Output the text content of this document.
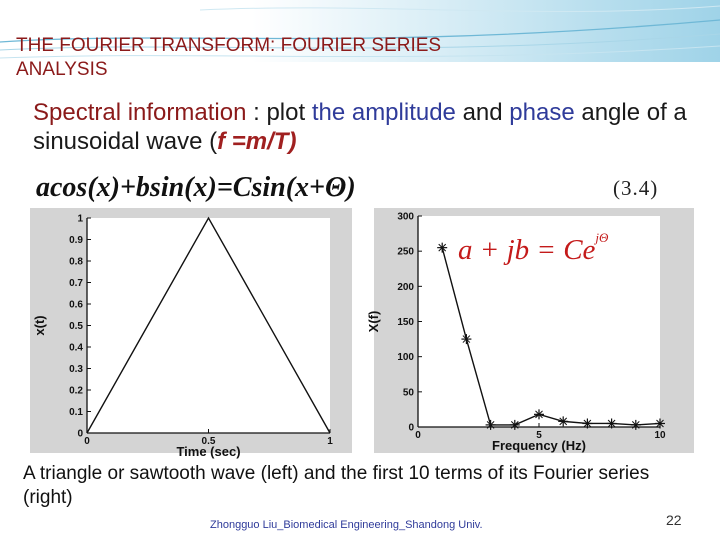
THE FOURIER TRANSFORM: FOURIER SERIES
ANALYSIS
Spectral information : plot the amplitude and phase angle of a sinusoidal wave (f =m/T)
acos(x)+bsin(x)=Csin(x+Θ)	(3.4)
0
0.1
0.2
0.3
0.4
0.5
0.6
0.7
0.8
0.9
1
0	0.5	1
Time (sec)
x(t)
0
50
100
150
200
250
300
0	5	10
Frequency (Hz)
X(f)
a + jb = $Ce^{j\Theta}$
A triangle or sawtooth wave (left) and the first 10 terms of its Fourier series (right)
Zhongguo Liu_Biomedical Engineering_Shandong Univ.	22
